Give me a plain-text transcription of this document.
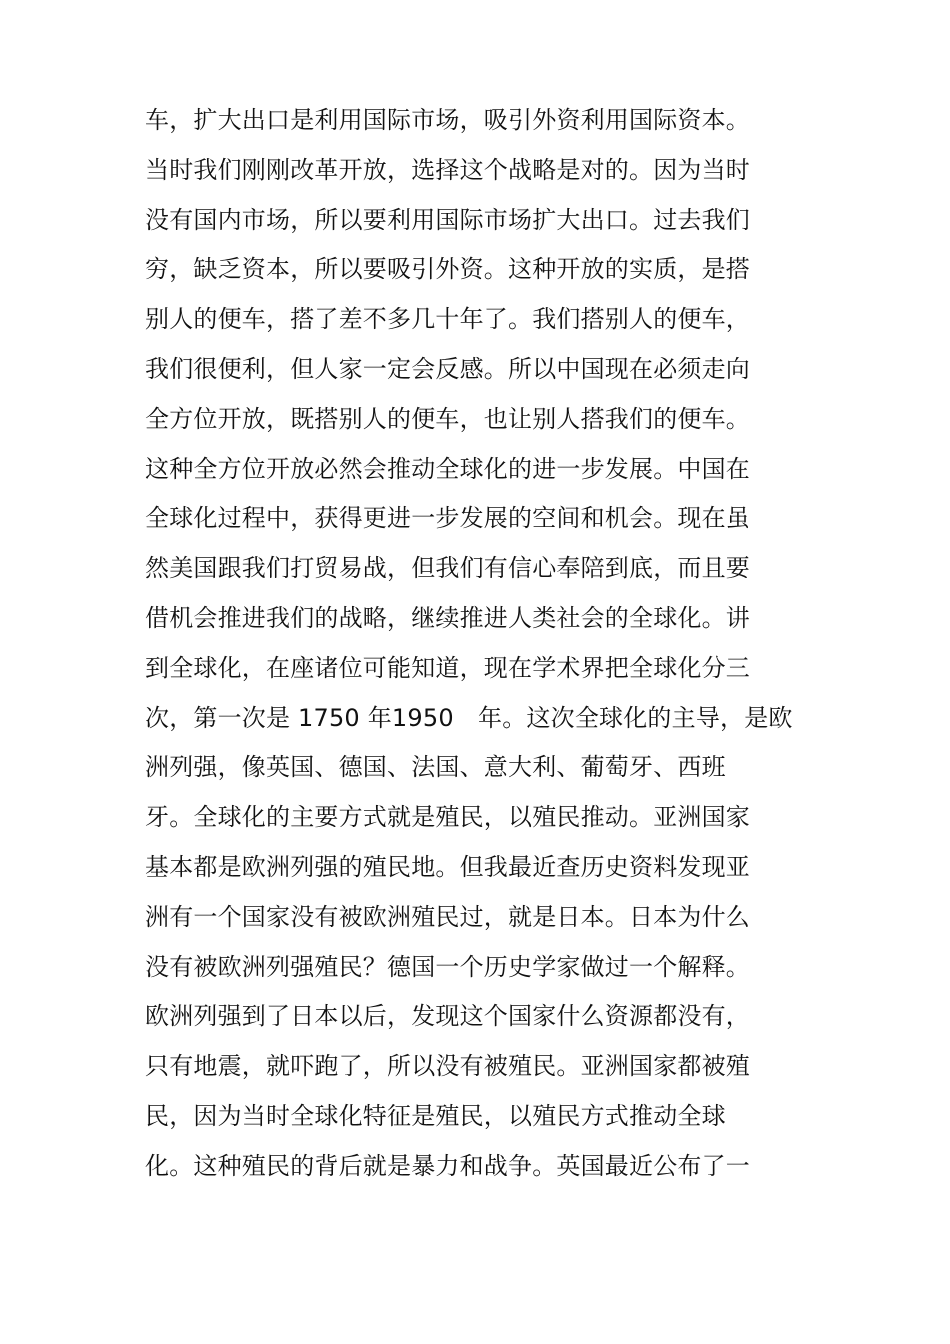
车，扩大出口是利用国际市场，吸引外资利用国际资本。
当时我们刚刚改革开放，选择这个战略是对的。因为当时
没有国内市场，所以要利用国际市场扩大出口。过去我们
穷，缺乏资本，所以要吸引外资。这种开放的实质，是搭
别人的便车，搭了差不多几十年了。我们搭别人的便车，
我们很便利，但人家一定会反感。所以中国现在必须走向
全方位开放，既搭别人的便车，也让别人搭我们的便车。
这种全方位开放必然会推动全球化的进一步发展。中国在
全球化过程中，获得更进一步发展的空间和机会。现在虽
然美国跟我们打贸易战，但我们有信心奉陪到底，而且要
借机会推进我们的战略，继续推进人类社会的全球化。讲
到全球化，在座诸位可能知道，现在学术界把全球化分三
次，第一次是 1750 年1950　年。这次全球化的主导，是欧
洲列强，像英国、德国、法国、意大利、葡萄牙、西班
牙。全球化的主要方式就是殖民，以殖民推动。亚洲国家
基本都是欧洲列强的殖民地。但我最近查历史资料发现亚
洲有一个国家没有被欧洲殖民过，就是日本。日本为什么
没有被欧洲列强殖民？德国一个历史学家做过一个解释。
欧洲列强到了日本以后，发现这个国家什么资源都没有，
只有地震，就吓跑了，所以没有被殖民。亚洲国家都被殖
民，因为当时全球化特征是殖民，以殖民方式推动全球
化。这种殖民的背后就是暴力和战争。英国最近公布了一
